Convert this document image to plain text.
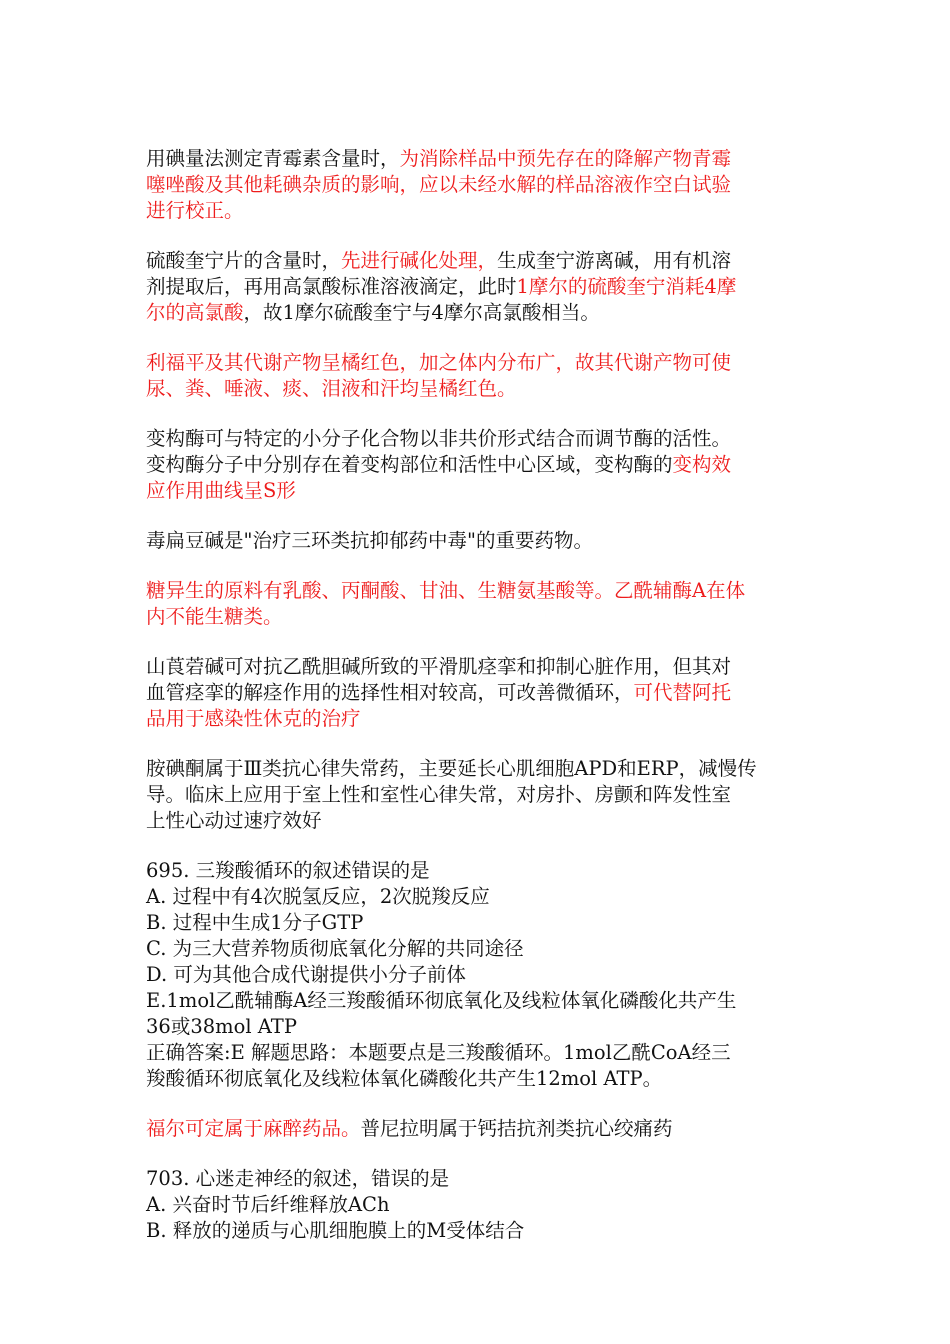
用碘量法测定青霉素含量时，为消除样品中预先存在的降解产物青霉
噻唑酸及其他耗碘杂质的影响，应以未经水解的样品溶液作空白试验
进行校正。
硫酸奎宁片的含量时，先进行碱化处理，生成奎宁游离碱，用有机溶
剂提取后，再用高氯酸标准溶液滴定，此时1摩尔的硫酸奎宁消耗4摩
尔的高氯酸，故1摩尔硫酸奎宁与4摩尔高氯酸相当。
利福平及其代谢产物呈橘红色，加之体内分布广，故其代谢产物可使
尿、粪、唾液、痰、泪液和汗均呈橘红色。
变构酶可与特定的小分子化合物以非共价形式结合而调节酶的活性。
变构酶分子中分别存在着变构部位和活性中心区域，变构酶的变构效
应作用曲线呈S形
毒扁豆碱是"治疗三环类抗抑郁药中毒"的重要药物。
糖异生的原料有乳酸、丙酮酸、甘油、生糖氨基酸等。乙酰辅酶A在体
内不能生糖类。
山莨菪碱可对抗乙酰胆碱所致的平滑肌痉挛和抑制心脏作用，但其对
血管痉挛的解痉作用的选择性相对较高，可改善微循环，可代替阿托
品用于感染性休克的治疗
胺碘酮属于Ⅲ类抗心律失常药，主要延长心肌细胞APD和ERP，减慢传
导。临床上应用于室上性和室性心律失常，对房扑、房颤和阵发性室
上性心动过速疗效好
695. 三羧酸循环的叙述错误的是
A. 过程中有4次脱氢反应，2次脱羧反应
B. 过程中生成1分子GTP
C. 为三大营养物质彻底氧化分解的共同途径
D. 可为其他合成代谢提供小分子前体
E.1mol乙酰辅酶A经三羧酸循环彻底氧化及线粒体氧化磷酸化共产生
36或38mol ATP
正确答案:E 解题思路：本题要点是三羧酸循环。1mol乙酰CoA经三
羧酸循环彻底氧化及线粒体氧化磷酸化共产生12mol ATP。
福尔可定属于麻醉药品。普尼拉明属于钙拮抗剂类抗心绞痛药
703. 心迷走神经的叙述，错误的是
A. 兴奋时节后纤维释放ACh
B. 释放的递质与心肌细胞膜上的M受体结合
